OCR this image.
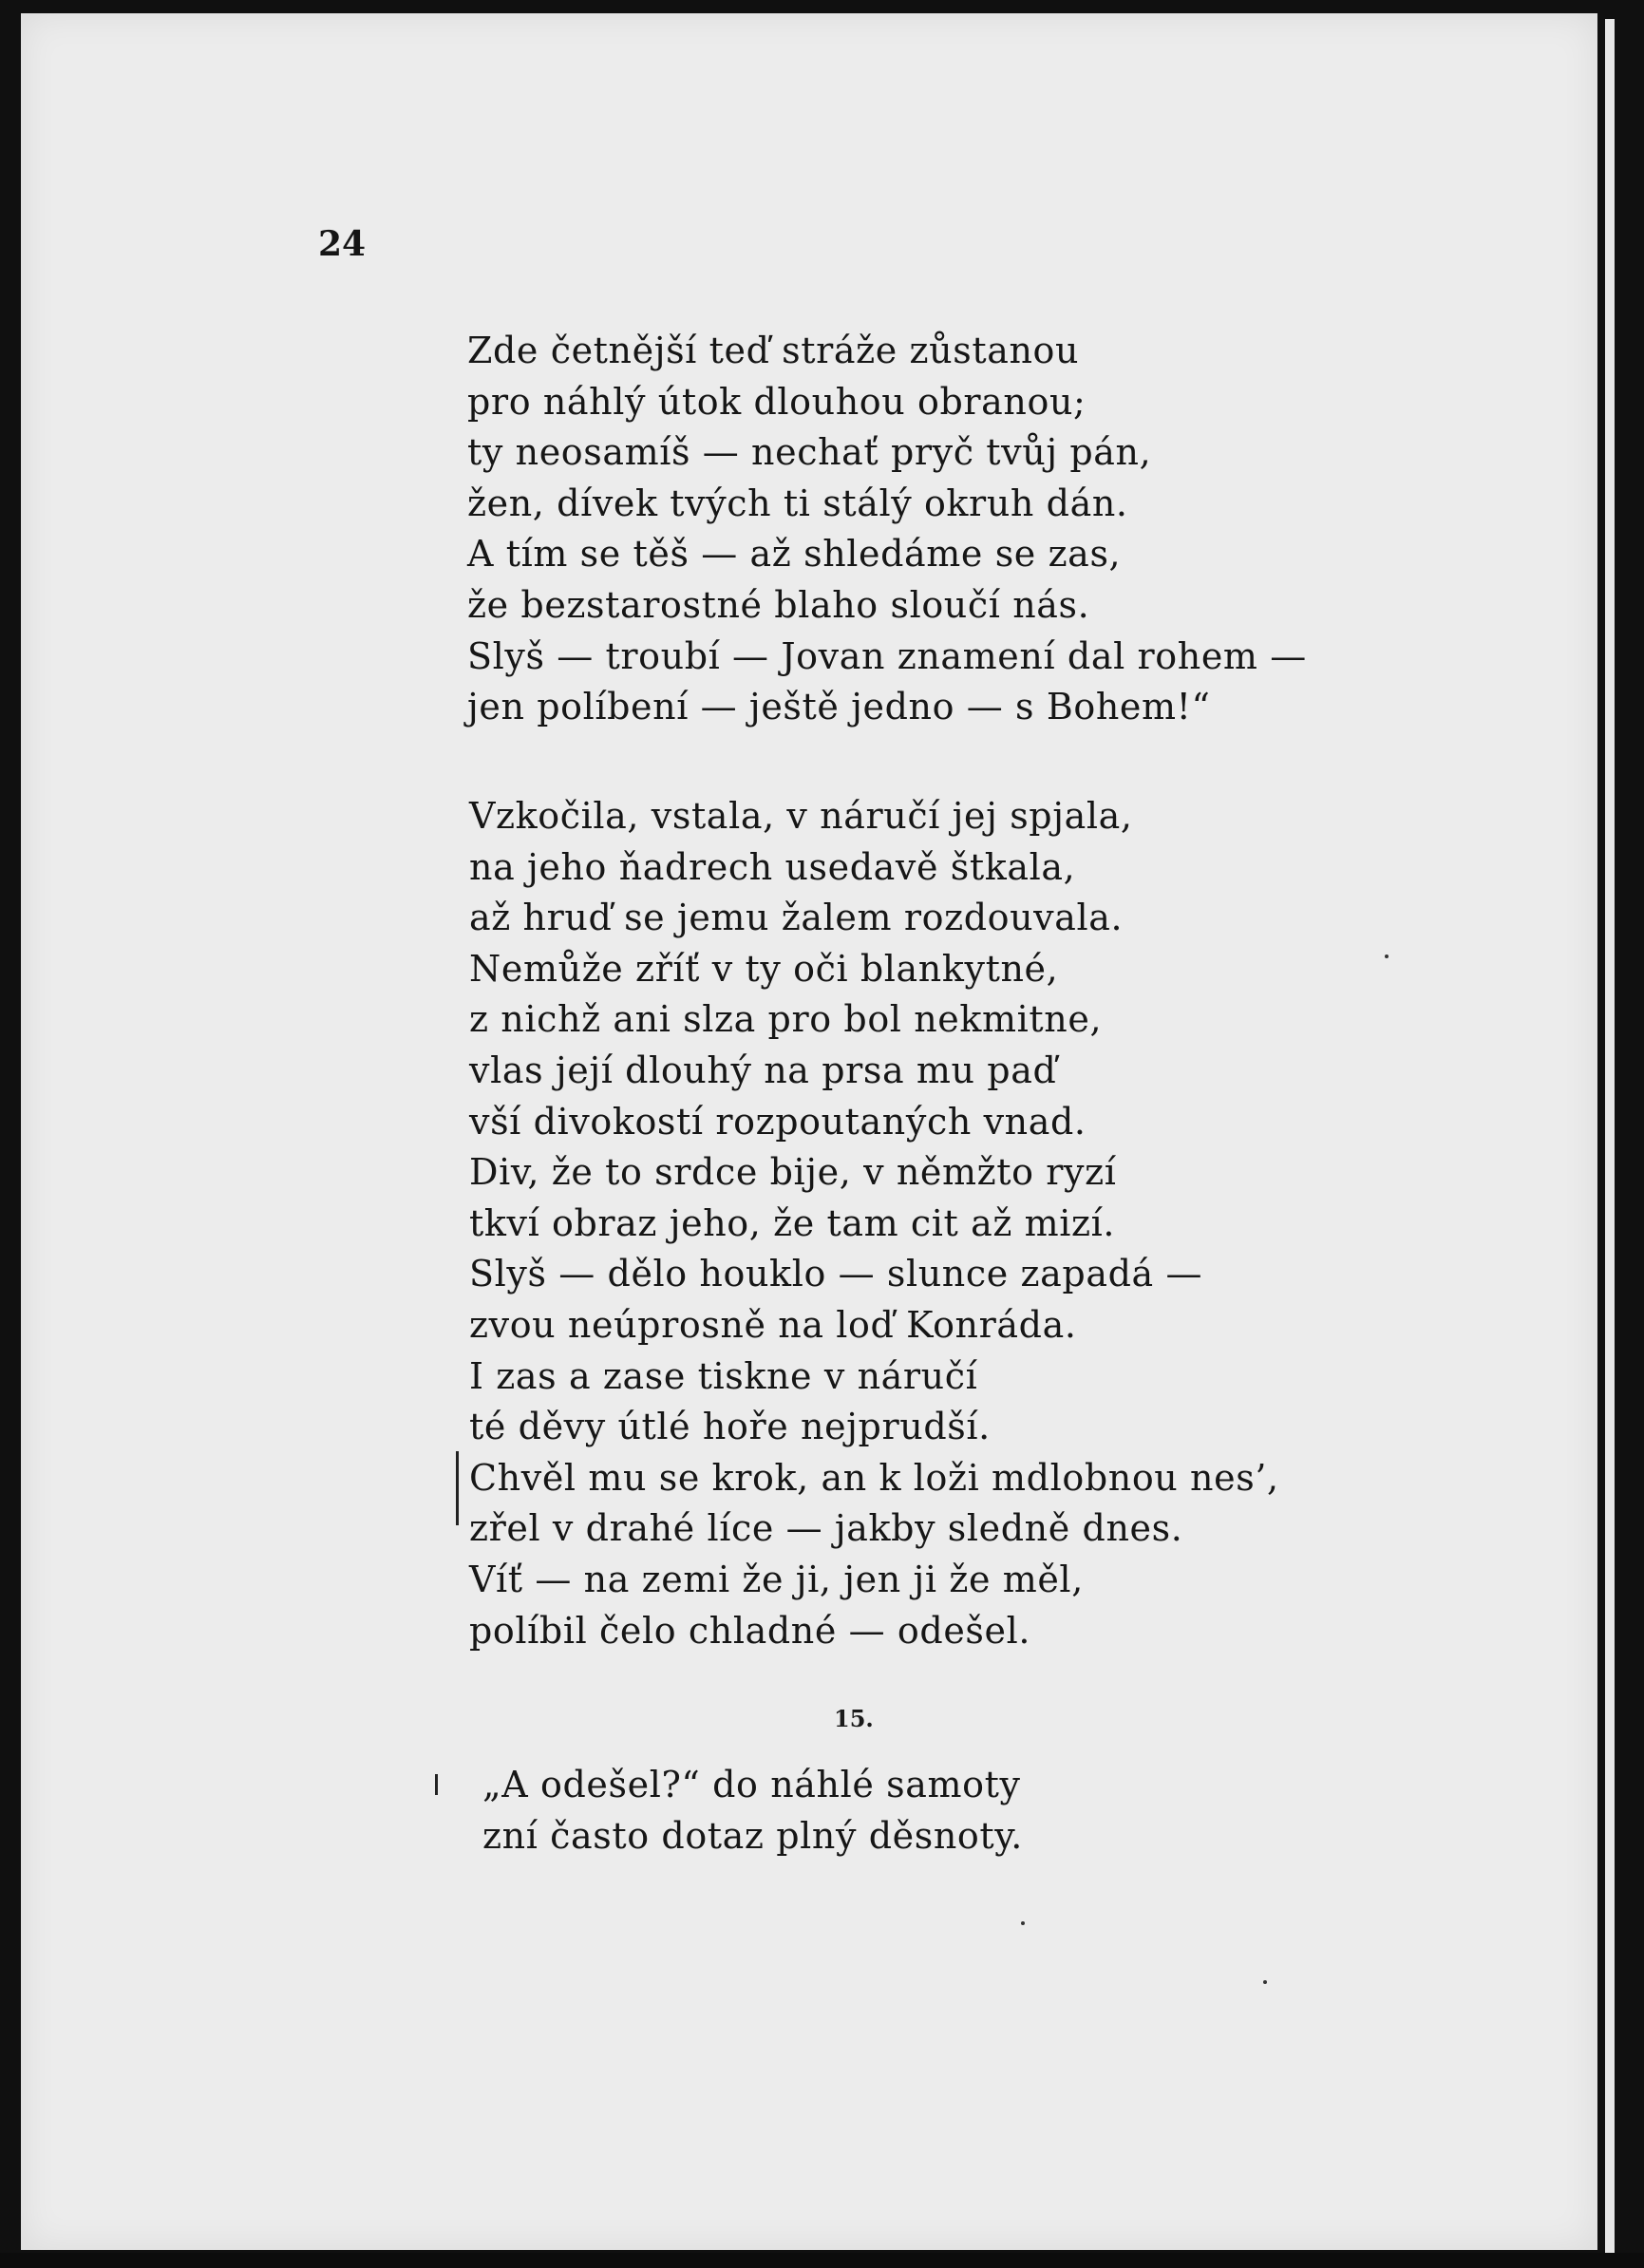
24

Zde četnější teď stráže zůstanou
pro náhlý útok dlouhou obranou;
ty neosamíš — nechať pryč tvůj pán,
žen, dívek tvých ti stálý okruh dán.
A tím se těš — až shledáme se zas,
že bezstarostné blaho sloučí nás.
Slyš — troubí — Jovan znamení dal rohem —
jen políbení — ještě jedno — s Bohem!“
Vzkočila, vstala, v náručí jej spjala,
na jeho ňadrech usedavě štkala,
až hruď se jemu žalem rozdouvala.
Nemůže zříť v ty oči blankytné,
z nichž ani slza pro bol nekmitne,
vlas její dlouhý na prsa mu paď
vší divokostí rozpoutaných vnad.
Div, že to srdce bije, v němžto ryzí
tkví obraz jeho, že tam cit až mizí.
Slyš — dělo houklo — slunce zapadá —
zvou neúprosně na loď Konráda.
I zas a zase tiskne v náručí
té děvy útlé hoře nejprudší.
Chvěl mu se krok, an k loži mdlobnou nes’,
zřel v drahé líce — jakby sledně dnes.
Víť — na zemi že ji, jen ji že měl,
políbil čelo chladné — odešel.

15.

„A odešel?“ do náhlé samoty
zní často dotaz plný děsnoty.
